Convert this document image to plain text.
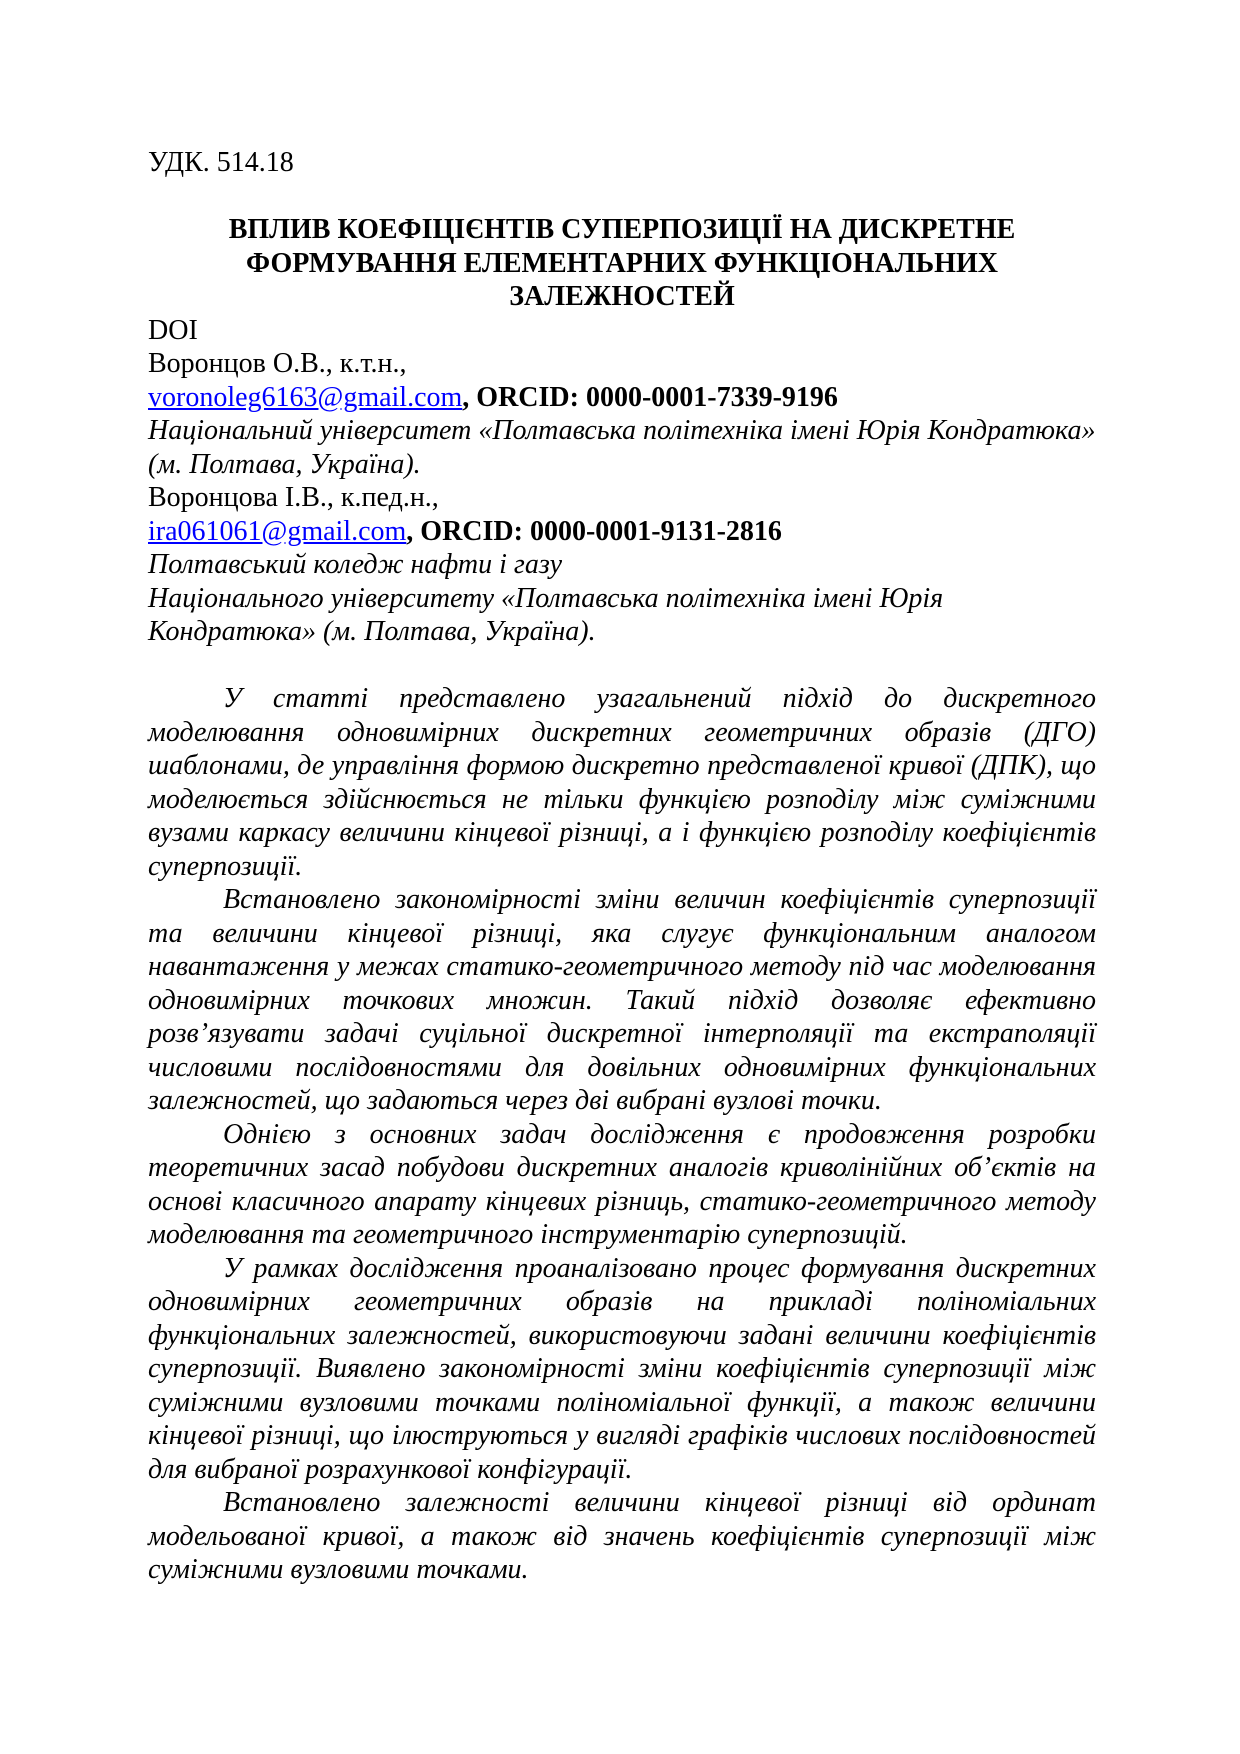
УДК. 514.18
ВПЛИВ КОЕФІЦІЄНТІВ СУПЕРПОЗИЦІЇ НА ДИСКРЕТНЕ
ФОРМУВАННЯ ЕЛЕМЕНТАРНИХ ФУНКЦІОНАЛЬНИХ
ЗАЛЕЖНОСТЕЙ
DOI
Воронцов О.В., к.т.н.,
voronoleg6163@gmail.com, ORCID: 0000-0001-7339-9196
Національний університет «Полтавська політехніка імені Юрія Кондратюка» (м. Полтава, Україна).
Воронцова І.В., к.пед.н.,
ira061061@gmail.com, ORCID: 0000-0001-9131-2816
Полтавський коледж нафти і газу
Національного університету «Полтавська політехніка імені Юрія Кондратюка» (м. Полтава, Україна).

У статті представлено узагальнений підхід до дискретного моделювання одновимірних дискретних геометричних образів (ДГО) шаблонами, де управління формою дискретно представленої кривої (ДПК), що моделюється здійснюється не тільки функцією розподілу між суміжними вузами каркасу величини кінцевої різниці, а і функцією розподілу коефіцієнтів суперпозиції.

Встановлено закономірності зміни величин коефіцієнтів суперпозиції та величини кінцевої різниці, яка слугує функціональним аналогом навантаження у межах статико-геометричного методу під час моделювання одновимірних точкових множин. Такий підхід дозволяє ефективно розв’язувати задачі суцільної дискретної інтерполяції та екстраполяції числовими послідовностями для довільних одновимірних функціональних залежностей, що задаються через дві вибрані вузлові точки.

Однією з основних задач дослідження є продовження розробки теоретичних засад побудови дискретних аналогів криволінійних об’єктів на основі класичного апарату кінцевих різниць, статико-геометричного методу моделювання та геометричного інструментарію суперпозицій.

У рамках дослідження проаналізовано процес формування дискретних одновимірних геометричних образів на прикладі поліноміальних функціональних залежностей, використовуючи задані величини коефіцієнтів суперпозиції. Виявлено закономірності зміни коефіцієнтів суперпозиції між суміжними вузловими точками поліноміальної функції, а також величини кінцевої різниці, що ілюструються у вигляді графіків числових послідовностей для вибраної розрахункової конфігурації.

Встановлено залежності величини кінцевої різниці від ординат модельованої кривої, а також від значень коефіцієнтів суперпозиції між суміжними вузловими точками.
